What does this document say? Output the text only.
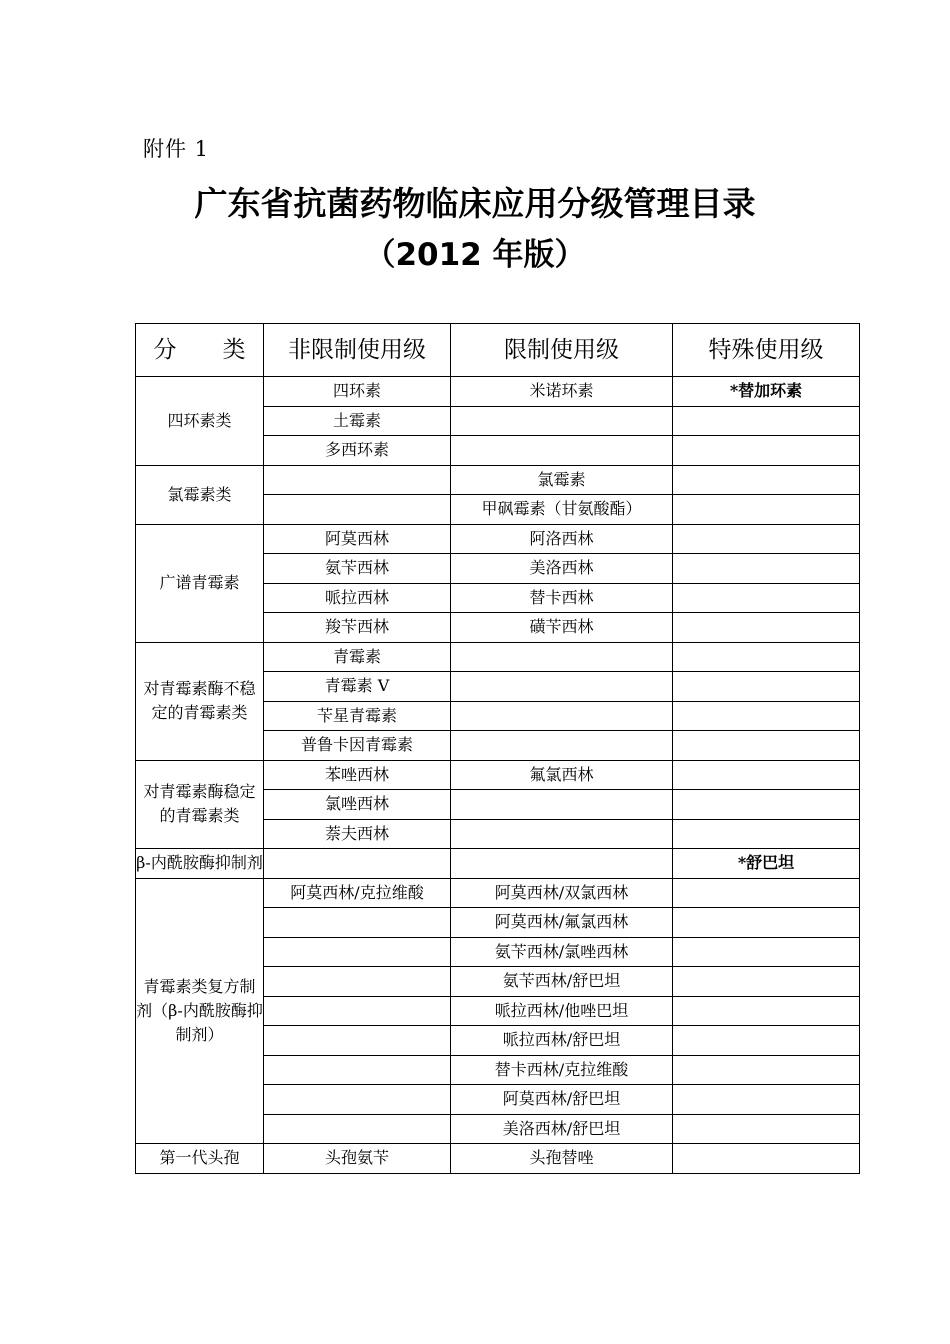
附件 1
广东省抗菌药物临床应用分级管理目录
（2012 年版）
分　　类	非限制使用级	限制使用级	特殊使用级
四环素类	四环素	米诺环素	*替加环素
	土霉素		
	多西环素		
氯霉素类		氯霉素	
		甲砜霉素（甘氨酸酯）	
广谱青霉素	阿莫西林	阿洛西林	
	氨苄西林	美洛西林	
	哌拉西林	替卡西林	
	羧苄西林	磺苄西林	
对青霉素酶不稳定的青霉素类	青霉素		
	青霉素 V		
	苄星青霉素		
	普鲁卡因青霉素		
对青霉素酶稳定的青霉素类	苯唑西林	氟氯西林	
	氯唑西林		
	萘夫西林		
β-内酰胺酶抑制剂			*舒巴坦
青霉素类复方制剂（β-内酰胺酶抑制剂）	阿莫西林/克拉维酸	阿莫西林/双氯西林	
		阿莫西林/氟氯西林	
		氨苄西林/氯唑西林	
		氨苄西林/舒巴坦	
		哌拉西林/他唑巴坦	
		哌拉西林/舒巴坦	
		替卡西林/克拉维酸	
		阿莫西林/舒巴坦	
		美洛西林/舒巴坦	
第一代头孢	头孢氨苄	头孢替唑	
